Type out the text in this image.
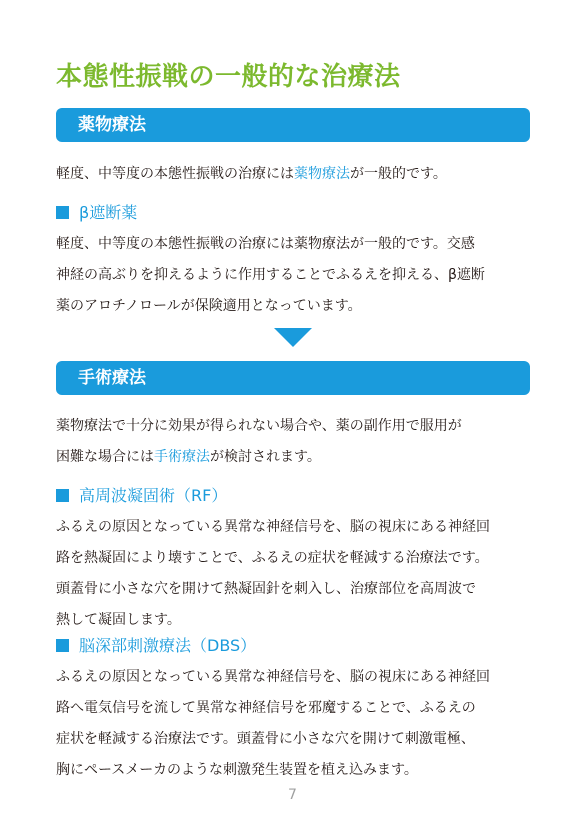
本態性振戦の一般的な治療法
薬物療法

軽度、中等度の本態性振戦の治療には薬物療法が一般的です。

β遮断薬

軽度、中等度の本態性振戦の治療には薬物療法が一般的です。交感
神経の高ぶりを抑えるように作用することでふるえを抑える、β遮断
薬のアロチノロールが保険適用となっています。

手術療法

薬物療法で十分に効果が得られない場合や、薬の副作用で服用が
困難な場合には手術療法が検討されます。

高周波凝固術（RF）

ふるえの原因となっている異常な神経信号を、脳の視床にある神経回
路を熱凝固により壊すことで、ふるえの症状を軽減する治療法です。
頭蓋骨に小さな穴を開けて熱凝固針を刺入し、治療部位を高周波で
熱して凝固します。

脳深部刺激療法（DBS）

ふるえの原因となっている異常な神経信号を、脳の視床にある神経回
路へ電気信号を流して異常な神経信号を邪魔することで、ふるえの
症状を軽減する治療法です。頭蓋骨に小さな穴を開けて刺激電極、
胸にペースメーカのような刺激発生装置を植え込みます。

7
